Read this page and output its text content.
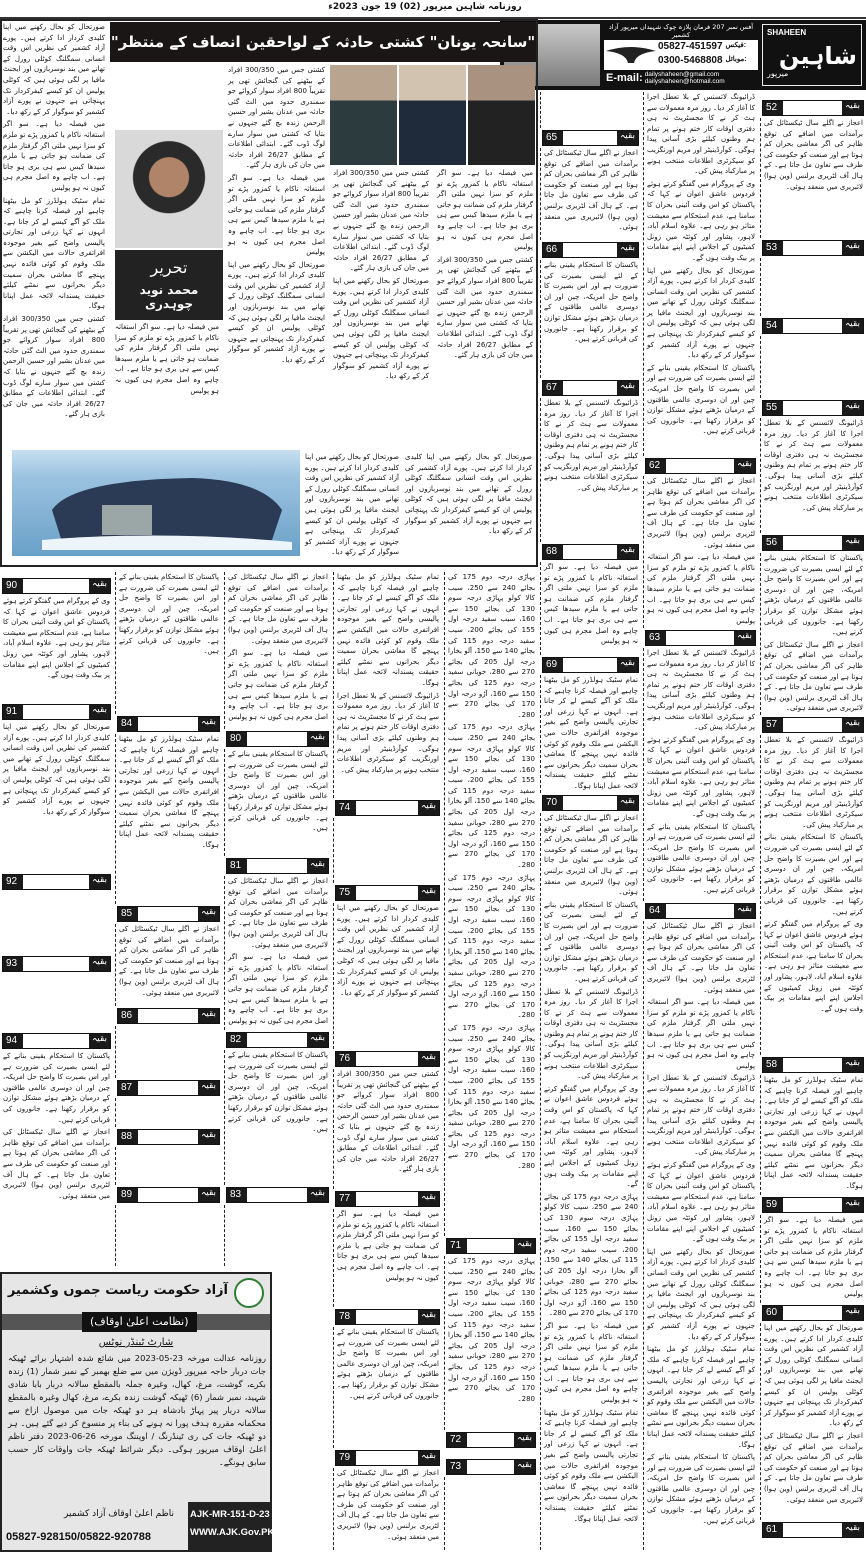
روزنامہ شاہین میرپور (02) 19 جون 2023ء
آفس نمبر 207 فرمان پلازہ چوک شہیداں میرپور آزاد کشمیر
05827-451597 فیکس:
0300-5468808 موبائل:
E-mail: dailyshaheen@gmail.com
dailyshaheen@hotmail.com
SHAHEEN
شاہین
میرپور
"سانحہ یونان" کشتی حادثہ کے لواحقین انصاف کے منتظر"
تحریر
محمد نوید چوہدری
آزاد حکومت ریاست جموں وکشمیر
(نظامت اعلیٰ اوقاف)
شارٹ ٹینڈر نوٹس
روزنامہ عدالت مورخہ 23-05-2023 میں شائع شدہ اشتہار برائے ٹھیکہ جات دربار حاجہ میرپور ڈویژن میں سے ضلع بھمبر کے نمبر شمار (1) زندہ بکرے، گوشت، مرغ، کھال، وغیرہ جملہ بالمقطع سالانہ دربار بابا شادی شہید، نمبر شمار (6) ٹھیکہ گوشت زندہ بکرے، مرغ، کھال وغیرہ بالمقطع سالانہ دربار پیر پہاڑ بادشاہ ہر دو ٹھیکہ جات میں موصول ازاخ سے محکمانہ مقررہ ہدف پورا نہ ہونے کی بناء پر منسوخ کر دیے گئے ہیں۔ ہر دو ٹھیکہ جات کی ری ٹینڈرنگ / اوپننگ مورخہ 26-06-2023 دفتر ناظم اعلیٰ اوقاف میرپور ہوگی۔ دیگر شرائط ٹھیکہ جات واوقات کار حسب سابق ہونگے۔
ناظم اعلیٰ اوقاف آزاد کشمیر
05827-928150/05822-920788
AJK-MR-151-D-23
WWW.AJK.Gov.PK

صورتحال کو بحال رکھنے میں اپنا کلیدی کردار ادا کرتے ہیں۔ پورے آزاد کشمیر کی نظریں اس وقت انسانی سمگلنگ کوٹلی رورل کے تھانے میں بند نوسربازوں اور ایجنٹ مافیا پر لگی ہوئی ہیں کہ کوٹلی پولیس ان کو کیسے کیفرکردار تک پہنچاتی ہے جنہوں نے پورے آزاد کشمیر کو سوگوار کر کے رکھ دیا۔

میں فیصلہ دیا ہے۔ سو اگر استغاثہ ناکام یا کمزور پڑے تو ملزم کو سزا نہیں ملتی اگر گرفتار ملزم کی ضمانت ہو جاتی ہے یا ملزم سیدھا کیس سے ہی بری ہو جاتا ہے۔ اب چاہے وہ اصل مجرم ہی کیوں نہ ہو پولیس

تمام سٹیک ہولڈرز کو مل بیٹھنا چاہیے اور فیصلہ کرنا چاہیے کہ ملک کو آگے کیسے لے کر جانا ہے۔ انہوں نے کہا زرعی اور تجارتی پالیسی واضح کیے بغیر موجودہ افراتفری حالات میں الیکشن سے ملک وقوم کو کوئی فائدہ نہیں پہنچے گا معاشی بحران سمیت دیگر بحرانوں سے نمٹنے کیلئے حقیقت پسندانہ لائحہ عمل اپنانا ہوگا۔

کشتی جس میں 300/350 افراد کے بیٹھنے کی گنجائش تھی پر تقریباً 800 افراد سوار کروائے جو سمندری حدود میں الٹ گئی حادثہ میں عدنان بشیر اور حسین الرحمن زندہ بچ گئے جنہوں نے بتایا کہ کشتی میں سوار سارے لوگ ڈوب گئے۔ ابتدائی اطلاعات کے مطابق 26/27 افراد حادثہ میں جان کی بازی ہار گئے۔

میں فیصلہ دیا ہے۔ سو اگر استغاثہ ناکام یا کمزور پڑے تو ملزم کو سزا نہیں ملتی اگر گرفتار ملزم کی ضمانت ہو جاتی ہے یا ملزم سیدھا کیس سے ہی بری ہو جاتا ہے۔ اب چاہے وہ اصل مجرم ہی کیوں نہ ہو پولیس

کشتی جس میں 300/350 افراد کے بیٹھنے کی گنجائش تھی پر تقریباً 800 افراد سوار کروائے جو سمندری حدود میں الٹ گئی حادثہ میں عدنان بشیر اور حسین الرحمن زندہ بچ گئے جنہوں نے بتایا کہ کشتی میں سوار سارے لوگ ڈوب گئے۔ ابتدائی اطلاعات کے مطابق 26/27 افراد حادثہ میں جان کی بازی ہار گئے۔

میں فیصلہ دیا ہے۔ سو اگر استغاثہ ناکام یا کمزور پڑے تو ملزم کو سزا نہیں ملتی اگر گرفتار ملزم کی ضمانت ہو جاتی ہے یا ملزم سیدھا کیس سے ہی بری ہو جاتا ہے۔ اب چاہے وہ اصل مجرم ہی کیوں نہ ہو پولیس

صورتحال کو بحال رکھنے میں اپنا کلیدی کردار ادا کرتے ہیں۔ پورے آزاد کشمیر کی نظریں اس وقت انسانی سمگلنگ کوٹلی رورل کے تھانے میں بند نوسربازوں اور ایجنٹ مافیا پر لگی ہوئی ہیں کہ کوٹلی پولیس ان کو کیسے کیفرکردار تک پہنچاتی ہے جنہوں نے پورے آزاد کشمیر کو سوگوار کر کے رکھ دیا۔

کشتی جس میں 300/350 افراد کے بیٹھنے کی گنجائش تھی پر تقریباً 800 افراد سوار کروائے جو سمندری حدود میں الٹ گئی حادثہ میں عدنان بشیر اور حسین الرحمن زندہ بچ گئے جنہوں نے بتایا کہ کشتی میں سوار سارے لوگ ڈوب گئے۔ ابتدائی اطلاعات کے مطابق 26/27 افراد حادثہ میں جان کی بازی ہار گئے۔

صورتحال کو بحال رکھنے میں اپنا کلیدی کردار ادا کرتے ہیں۔ پورے آزاد کشمیر کی نظریں اس وقت انسانی سمگلنگ کوٹلی رورل کے تھانے میں بند نوسربازوں اور ایجنٹ مافیا پر لگی ہوئی ہیں کہ کوٹلی پولیس ان کو کیسے کیفرکردار تک پہنچاتی ہے جنہوں نے پورے آزاد کشمیر کو سوگوار کر کے رکھ دیا۔

میں فیصلہ دیا ہے۔ سو اگر استغاثہ ناکام یا کمزور پڑے تو ملزم کو سزا نہیں ملتی اگر گرفتار ملزم کی ضمانت ہو جاتی ہے یا ملزم سیدھا کیس سے ہی بری ہو جاتا ہے۔ اب چاہے وہ اصل مجرم ہی کیوں نہ ہو پولیس

کشتی جس میں 300/350 افراد کے بیٹھنے کی گنجائش تھی پر تقریباً 800 افراد سوار کروائے جو سمندری حدود میں الٹ گئی حادثہ میں عدنان بشیر اور حسین الرحمن زندہ بچ گئے جنہوں نے بتایا کہ کشتی میں سوار سارے لوگ ڈوب گئے۔ ابتدائی اطلاعات کے مطابق 26/27 افراد حادثہ میں جان کی بازی ہار گئے۔

صورتحال کو بحال رکھنے میں اپنا کلیدی کردار ادا کرتے ہیں۔ پورے آزاد کشمیر کی نظریں اس وقت انسانی سمگلنگ کوٹلی رورل کے تھانے میں بند نوسربازوں اور ایجنٹ مافیا پر لگی ہوئی ہیں کہ کوٹلی پولیس ان کو کیسے کیفرکردار تک پہنچاتی ہے جنہوں نے پورے آزاد کشمیر کو سوگوار کر کے رکھ دیا۔

صورتحال کو بحال رکھنے میں اپنا کلیدی کردار ادا کرتے ہیں۔ پورے آزاد کشمیر کی نظریں اس وقت انسانی سمگلنگ کوٹلی رورل کے تھانے میں بند نوسربازوں اور ایجنٹ مافیا پر لگی ہوئی ہیں کہ کوٹلی پولیس ان کو کیسے کیفرکردار تک پہنچاتی ہے جنہوں نے پورے آزاد کشمیر کو سوگوار کر کے رکھ دیا۔

وی کے پروگرام میں گفتگو کرتے ہوئے فردوس عاشق اعوان نے کہا کہ پاکستان کو اس وقت آئینی بحران کا سامنا ہے، عدم استحکام سے معیشت متاثر ہو رہی ہے۔ علاوہ اسلام آباد، لاہور، پشاور اور کوئٹہ میں زونل کمیٹیوں کے اجلاس اپنے اپنے مقامات پر بیک وقت ہوں گے۔

صورتحال کو بحال رکھنے میں اپنا کلیدی کردار ادا کرتے ہیں۔ پورے آزاد کشمیر کی نظریں اس وقت انسانی سمگلنگ کوٹلی رورل کے تھانے میں بند نوسربازوں اور ایجنٹ مافیا پر لگی ہوئی ہیں کہ کوٹلی پولیس ان کو کیسے کیفرکردار تک پہنچاتی ہے جنہوں نے پورے آزاد کشمیر کو سوگوار کر کے رکھ دیا۔

پاکستان کا استحکام یقینی بنانے کے لئے ایسی بصیرت کی ضرورت ہے اور اس بصیرت کا واضح حل امریکہ، چین اور ان دوسری عالمی طاقتوں کے درمیان بڑھتے ہوئے مشکل توازن کو برقرار رکھنا ہے۔ جانوروں کی قربانی کرتے ہیں۔

اعجاز نے اگلے سال ٹیکسٹائل کی برآمدات میں اضافے کی توقع ظاہر کی اگر معاشی بحران کم ہوتا ہے اور صنعت کو حکومت کی طرف سے تعاون مل جاتا ہے۔ کے ہال آف لٹریری برلنس (وین ہوا) لائبریری میں منعقد ہوئی۔

90	بقیہ
91	بقیہ
92	بقیہ
93	بقیہ
94	بقیہ

پاکستان کا استحکام یقینی بنانے کے لئے ایسی بصیرت کی ضرورت ہے اور اس بصیرت کا واضح حل امریکہ، چین اور ان دوسری عالمی طاقتوں کے درمیان بڑھتے ہوئے مشکل توازن کو برقرار رکھنا ہے۔ جانوروں کی قربانی کرتے ہیں۔

تمام سٹیک ہولڈرز کو مل بیٹھنا چاہیے اور فیصلہ کرنا چاہیے کہ ملک کو آگے کیسے لے کر جانا ہے۔ انہوں نے کہا زرعی اور تجارتی پالیسی واضح کیے بغیر موجودہ افراتفری حالات میں الیکشن سے ملک وقوم کو کوئی فائدہ نہیں پہنچے گا معاشی بحران سمیت دیگر بحرانوں سے نمٹنے کیلئے حقیقت پسندانہ لائحہ عمل اپنانا ہوگا۔

اعجاز نے اگلے سال ٹیکسٹائل کی برآمدات میں اضافے کی توقع ظاہر کی اگر معاشی بحران کم ہوتا ہے اور صنعت کو حکومت کی طرف سے تعاون مل جاتا ہے۔ کے ہال آف لٹریری برلنس (وین ہوا) لائبریری میں منعقد ہوئی۔

84	بقیہ
85	بقیہ
86	بقیہ
87	بقیہ
88	بقیہ
89	بقیہ

اعجاز نے اگلے سال ٹیکسٹائل کی برآمدات میں اضافے کی توقع ظاہر کی اگر معاشی بحران کم ہوتا ہے اور صنعت کو حکومت کی طرف سے تعاون مل جاتا ہے۔ کے ہال آف لٹریری برلنس (وین ہوا) لائبریری میں منعقد ہوئی۔

میں فیصلہ دیا ہے۔ سو اگر استغاثہ ناکام یا کمزور پڑے تو ملزم کو سزا نہیں ملتی اگر گرفتار ملزم کی ضمانت ہو جاتی ہے یا ملزم سیدھا کیس سے ہی بری ہو جاتا ہے۔ اب چاہے وہ اصل مجرم ہی کیوں نہ ہو پولیس

پاکستان کا استحکام یقینی بنانے کے لئے ایسی بصیرت کی ضرورت ہے اور اس بصیرت کا واضح حل امریکہ، چین اور ان دوسری عالمی طاقتوں کے درمیان بڑھتے ہوئے مشکل توازن کو برقرار رکھنا ہے۔ جانوروں کی قربانی کرتے ہیں۔

اعجاز نے اگلے سال ٹیکسٹائل کی برآمدات میں اضافے کی توقع ظاہر کی اگر معاشی بحران کم ہوتا ہے اور صنعت کو حکومت کی طرف سے تعاون مل جاتا ہے۔ کے ہال آف لٹریری برلنس (وین ہوا) لائبریری میں منعقد ہوئی۔

میں فیصلہ دیا ہے۔ سو اگر استغاثہ ناکام یا کمزور پڑے تو ملزم کو سزا نہیں ملتی اگر گرفتار ملزم کی ضمانت ہو جاتی ہے یا ملزم سیدھا کیس سے ہی بری ہو جاتا ہے۔ اب چاہے وہ اصل مجرم ہی کیوں نہ ہو پولیس

پاکستان کا استحکام یقینی بنانے کے لئے ایسی بصیرت کی ضرورت ہے اور اس بصیرت کا واضح حل امریکہ، چین اور ان دوسری عالمی طاقتوں کے درمیان بڑھتے ہوئے مشکل توازن کو برقرار رکھنا ہے۔ جانوروں کی قربانی کرتے ہیں۔

80	بقیہ
81	بقیہ
82	بقیہ
83	بقیہ

تمام سٹیک ہولڈرز کو مل بیٹھنا چاہیے اور فیصلہ کرنا چاہیے کہ ملک کو آگے کیسے لے کر جانا ہے۔ انہوں نے کہا زرعی اور تجارتی پالیسی واضح کیے بغیر موجودہ افراتفری حالات میں الیکشن سے ملک وقوم کو کوئی فائدہ نہیں پہنچے گا معاشی بحران سمیت دیگر بحرانوں سے نمٹنے کیلئے حقیقت پسندانہ لائحہ عمل اپنانا ہوگا۔

ڈرائیونگ لائسنس کے بلا تعطل اجرا کا آغاز کر دیا۔ روز مرہ معمولات سے ہٹ کر نے کا مجسٹریٹ نہ ہی دفتری اوقات کار ختم ہونے پر تمام ہم وطنوں کیلئے بڑی آسانی پیدا ہوگی۔ کوآرڈینیٹر اور مریم اورنگزیب کو سیکرٹری اطلاعات منتخب ہونے پر مبارکباد پیش کی۔

صورتحال کو بحال رکھنے میں اپنا کلیدی کردار ادا کرتے ہیں۔ پورے آزاد کشمیر کی نظریں اس وقت انسانی سمگلنگ کوٹلی رورل کے تھانے میں بند نوسربازوں اور ایجنٹ مافیا پر لگی ہوئی ہیں کہ کوٹلی پولیس ان کو کیسے کیفرکردار تک پہنچاتی ہے جنہوں نے پورے آزاد کشمیر کو سوگوار کر کے رکھ دیا۔

کشتی جس میں 300/350 افراد کے بیٹھنے کی گنجائش تھی پر تقریباً 800 افراد سوار کروائے جو سمندری حدود میں الٹ گئی حادثہ میں عدنان بشیر اور حسین الرحمن زندہ بچ گئے جنہوں نے بتایا کہ کشتی میں سوار سارے لوگ ڈوب گئے۔ ابتدائی اطلاعات کے مطابق 26/27 افراد حادثہ میں جان کی بازی ہار گئے۔

میں فیصلہ دیا ہے۔ سو اگر استغاثہ ناکام یا کمزور پڑے تو ملزم کو سزا نہیں ملتی اگر گرفتار ملزم کی ضمانت ہو جاتی ہے یا ملزم سیدھا کیس سے ہی بری ہو جاتا ہے۔ اب چاہے وہ اصل مجرم ہی کیوں نہ ہو پولیس

پاکستان کا استحکام یقینی بنانے کے لئے ایسی بصیرت کی ضرورت ہے اور اس بصیرت کا واضح حل امریکہ، چین اور ان دوسری عالمی طاقتوں کے درمیان بڑھتے ہوئے مشکل توازن کو برقرار رکھنا ہے۔ جانوروں کی قربانی کرتے ہیں۔

اعجاز نے اگلے سال ٹیکسٹائل کی برآمدات میں اضافے کی توقع ظاہر کی اگر معاشی بحران کم ہوتا ہے اور صنعت کو حکومت کی طرف سے تعاون مل جاتا ہے۔ کے ہال آف لٹریری برلنس (وین ہوا) لائبریری میں منعقد ہوئی۔

74	بقیہ
75	بقیہ
76	بقیہ
77	بقیہ
78	بقیہ
79	بقیہ

پہاڑی درجہ دوم 175 کی بجائے 240 سے 250، سیب کالا کولو پہاڑی درجہ سوم 130 کی بجائے 150 سے 160، سیب سفید درجہ اول 155 کی بجائے 200، سیب سفید درجہ دوم 115 کی بجائے 140 سے 150، آلو بخارا درجہ اول 205 کی بجائے 270 سے 280، خوبانی سفید درجہ دوم 125 کی بجائے 150 سے 160، آڑو درجہ اول 170 کی بجائے 270 سے 280۔

پہاڑی درجہ دوم 175 کی بجائے 240 سے 250، سیب کالا کولو پہاڑی درجہ سوم 130 کی بجائے 150 سے 160، سیب سفید درجہ اول 155 کی بجائے 200، سیب سفید درجہ دوم 115 کی بجائے 140 سے 150، آلو بخارا درجہ اول 205 کی بجائے 270 سے 280، خوبانی سفید درجہ دوم 125 کی بجائے 150 سے 160، آڑو درجہ اول 170 کی بجائے 270 سے 280۔

پہاڑی درجہ دوم 175 کی بجائے 240 سے 250، سیب کالا کولو پہاڑی درجہ سوم 130 کی بجائے 150 سے 160، سیب سفید درجہ اول 155 کی بجائے 200، سیب سفید درجہ دوم 115 کی بجائے 140 سے 150، آلو بخارا درجہ اول 205 کی بجائے 270 سے 280، خوبانی سفید درجہ دوم 125 کی بجائے 150 سے 160، آڑو درجہ اول 170 کی بجائے 270 سے 280۔

پہاڑی درجہ دوم 175 کی بجائے 240 سے 250، سیب کالا کولو پہاڑی درجہ سوم 130 کی بجائے 150 سے 160، سیب سفید درجہ اول 155 کی بجائے 200، سیب سفید درجہ دوم 115 کی بجائے 140 سے 150، آلو بخارا درجہ اول 205 کی بجائے 270 سے 280، خوبانی سفید درجہ دوم 125 کی بجائے 150 سے 160، آڑو درجہ اول 170 کی بجائے 270 سے 280۔

پہاڑی درجہ دوم 175 کی بجائے 240 سے 250، سیب کالا کولو پہاڑی درجہ سوم 130 کی بجائے 150 سے 160، سیب سفید درجہ اول 155 کی بجائے 200، سیب سفید درجہ دوم 115 کی بجائے 140 سے 150، آلو بخارا درجہ اول 205 کی بجائے 270 سے 280، خوبانی سفید درجہ دوم 125 کی بجائے 150 سے 160، آڑو درجہ اول 170 کی بجائے 270 سے 280۔

71	بقیہ
72	بقیہ
73	بقیہ

اعجاز نے اگلے سال ٹیکسٹائل کی برآمدات میں اضافے کی توقع ظاہر کی اگر معاشی بحران کم ہوتا ہے اور صنعت کو حکومت کی طرف سے تعاون مل جاتا ہے۔ کے ہال آف لٹریری برلنس (وین ہوا) لائبریری میں منعقد ہوئی۔

پاکستان کا استحکام یقینی بنانے کے لئے ایسی بصیرت کی ضرورت ہے اور اس بصیرت کا واضح حل امریکہ، چین اور ان دوسری عالمی طاقتوں کے درمیان بڑھتے ہوئے مشکل توازن کو برقرار رکھنا ہے۔ جانوروں کی قربانی کرتے ہیں۔

ڈرائیونگ لائسنس کے بلا تعطل اجرا کا آغاز کر دیا۔ روز مرہ معمولات سے ہٹ کر نے کا مجسٹریٹ نہ ہی دفتری اوقات کار ختم ہونے پر تمام ہم وطنوں کیلئے بڑی آسانی پیدا ہوگی۔ کوآرڈینیٹر اور مریم اورنگزیب کو سیکرٹری اطلاعات منتخب ہونے پر مبارکباد پیش کی۔

میں فیصلہ دیا ہے۔ سو اگر استغاثہ ناکام یا کمزور پڑے تو ملزم کو سزا نہیں ملتی اگر گرفتار ملزم کی ضمانت ہو جاتی ہے یا ملزم سیدھا کیس سے ہی بری ہو جاتا ہے۔ اب چاہے وہ اصل مجرم ہی کیوں نہ ہو پولیس

تمام سٹیک ہولڈرز کو مل بیٹھنا چاہیے اور فیصلہ کرنا چاہیے کہ ملک کو آگے کیسے لے کر جانا ہے۔ انہوں نے کہا زرعی اور تجارتی پالیسی واضح کیے بغیر موجودہ افراتفری حالات میں الیکشن سے ملک وقوم کو کوئی فائدہ نہیں پہنچے گا معاشی بحران سمیت دیگر بحرانوں سے نمٹنے کیلئے حقیقت پسندانہ لائحہ عمل اپنانا ہوگا۔

اعجاز نے اگلے سال ٹیکسٹائل کی برآمدات میں اضافے کی توقع ظاہر کی اگر معاشی بحران کم ہوتا ہے اور صنعت کو حکومت کی طرف سے تعاون مل جاتا ہے۔ کے ہال آف لٹریری برلنس (وین ہوا) لائبریری میں منعقد ہوئی۔

پاکستان کا استحکام یقینی بنانے کے لئے ایسی بصیرت کی ضرورت ہے اور اس بصیرت کا واضح حل امریکہ، چین اور ان دوسری عالمی طاقتوں کے درمیان بڑھتے ہوئے مشکل توازن کو برقرار رکھنا ہے۔ جانوروں کی قربانی کرتے ہیں۔

ڈرائیونگ لائسنس کے بلا تعطل اجرا کا آغاز کر دیا۔ روز مرہ معمولات سے ہٹ کر نے کا مجسٹریٹ نہ ہی دفتری اوقات کار ختم ہونے پر تمام ہم وطنوں کیلئے بڑی آسانی پیدا ہوگی۔ کوآرڈینیٹر اور مریم اورنگزیب کو سیکرٹری اطلاعات منتخب ہونے پر مبارکباد پیش کی۔

وی کے پروگرام میں گفتگو کرتے ہوئے فردوس عاشق اعوان نے کہا کہ پاکستان کو اس وقت آئینی بحران کا سامنا ہے، عدم استحکام سے معیشت متاثر ہو رہی ہے۔ علاوہ اسلام آباد، لاہور، پشاور اور کوئٹہ میں زونل کمیٹیوں کے اجلاس اپنے اپنے مقامات پر بیک وقت ہوں گے۔

پہاڑی درجہ دوم 175 کی بجائے 240 سے 250، سیب کالا کولو پہاڑی درجہ سوم 130 کی بجائے 150 سے 160، سیب سفید درجہ اول 155 کی بجائے 200، سیب سفید درجہ دوم 115 کی بجائے 140 سے 150، آلو بخارا درجہ اول 205 کی بجائے 270 سے 280، خوبانی سفید درجہ دوم 125 کی بجائے 150 سے 160، آڑو درجہ اول 170 کی بجائے 270 سے 280۔

میں فیصلہ دیا ہے۔ سو اگر استغاثہ ناکام یا کمزور پڑے تو ملزم کو سزا نہیں ملتی اگر گرفتار ملزم کی ضمانت ہو جاتی ہے یا ملزم سیدھا کیس سے ہی بری ہو جاتا ہے۔ اب چاہے وہ اصل مجرم ہی کیوں نہ ہو پولیس

تمام سٹیک ہولڈرز کو مل بیٹھنا چاہیے اور فیصلہ کرنا چاہیے کہ ملک کو آگے کیسے لے کر جانا ہے۔ انہوں نے کہا زرعی اور تجارتی پالیسی واضح کیے بغیر موجودہ افراتفری حالات میں الیکشن سے ملک وقوم کو کوئی فائدہ نہیں پہنچے گا معاشی بحران سمیت دیگر بحرانوں سے نمٹنے کیلئے حقیقت پسندانہ لائحہ عمل اپنانا ہوگا۔

65	بقیہ
66	بقیہ
67	بقیہ
68	بقیہ
69	بقیہ
70	بقیہ

ڈرائیونگ لائسنس کے بلا تعطل اجرا کا آغاز کر دیا۔ روز مرہ معمولات سے ہٹ کر نے کا مجسٹریٹ نہ ہی دفتری اوقات کار ختم ہونے پر تمام ہم وطنوں کیلئے بڑی آسانی پیدا ہوگی۔ کوآرڈینیٹر اور مریم اورنگزیب کو سیکرٹری اطلاعات منتخب ہونے پر مبارکباد پیش کی۔

وی کے پروگرام میں گفتگو کرتے ہوئے فردوس عاشق اعوان نے کہا کہ پاکستان کو اس وقت آئینی بحران کا سامنا ہے، عدم استحکام سے معیشت متاثر ہو رہی ہے۔ علاوہ اسلام آباد، لاہور، پشاور اور کوئٹہ میں زونل کمیٹیوں کے اجلاس اپنے اپنے مقامات پر بیک وقت ہوں گے۔

صورتحال کو بحال رکھنے میں اپنا کلیدی کردار ادا کرتے ہیں۔ پورے آزاد کشمیر کی نظریں اس وقت انسانی سمگلنگ کوٹلی رورل کے تھانے میں بند نوسربازوں اور ایجنٹ مافیا پر لگی ہوئی ہیں کہ کوٹلی پولیس ان کو کیسے کیفرکردار تک پہنچاتی ہے جنہوں نے پورے آزاد کشمیر کو سوگوار کر کے رکھ دیا۔

پاکستان کا استحکام یقینی بنانے کے لئے ایسی بصیرت کی ضرورت ہے اور اس بصیرت کا واضح حل امریکہ، چین اور ان دوسری عالمی طاقتوں کے درمیان بڑھتے ہوئے مشکل توازن کو برقرار رکھنا ہے۔ جانوروں کی قربانی کرتے ہیں۔

اعجاز نے اگلے سال ٹیکسٹائل کی برآمدات میں اضافے کی توقع ظاہر کی اگر معاشی بحران کم ہوتا ہے اور صنعت کو حکومت کی طرف سے تعاون مل جاتا ہے۔ کے ہال آف لٹریری برلنس (وین ہوا) لائبریری میں منعقد ہوئی۔

میں فیصلہ دیا ہے۔ سو اگر استغاثہ ناکام یا کمزور پڑے تو ملزم کو سزا نہیں ملتی اگر گرفتار ملزم کی ضمانت ہو جاتی ہے یا ملزم سیدھا کیس سے ہی بری ہو جاتا ہے۔ اب چاہے وہ اصل مجرم ہی کیوں نہ ہو پولیس

ڈرائیونگ لائسنس کے بلا تعطل اجرا کا آغاز کر دیا۔ روز مرہ معمولات سے ہٹ کر نے کا مجسٹریٹ نہ ہی دفتری اوقات کار ختم ہونے پر تمام ہم وطنوں کیلئے بڑی آسانی پیدا ہوگی۔ کوآرڈینیٹر اور مریم اورنگزیب کو سیکرٹری اطلاعات منتخب ہونے پر مبارکباد پیش کی۔

وی کے پروگرام میں گفتگو کرتے ہوئے فردوس عاشق اعوان نے کہا کہ پاکستان کو اس وقت آئینی بحران کا سامنا ہے، عدم استحکام سے معیشت متاثر ہو رہی ہے۔ علاوہ اسلام آباد، لاہور، پشاور اور کوئٹہ میں زونل کمیٹیوں کے اجلاس اپنے اپنے مقامات پر بیک وقت ہوں گے۔

پاکستان کا استحکام یقینی بنانے کے لئے ایسی بصیرت کی ضرورت ہے اور اس بصیرت کا واضح حل امریکہ، چین اور ان دوسری عالمی طاقتوں کے درمیان بڑھتے ہوئے مشکل توازن کو برقرار رکھنا ہے۔ جانوروں کی قربانی کرتے ہیں۔

اعجاز نے اگلے سال ٹیکسٹائل کی برآمدات میں اضافے کی توقع ظاہر کی اگر معاشی بحران کم ہوتا ہے اور صنعت کو حکومت کی طرف سے تعاون مل جاتا ہے۔ کے ہال آف لٹریری برلنس (وین ہوا) لائبریری میں منعقد ہوئی۔

میں فیصلہ دیا ہے۔ سو اگر استغاثہ ناکام یا کمزور پڑے تو ملزم کو سزا نہیں ملتی اگر گرفتار ملزم کی ضمانت ہو جاتی ہے یا ملزم سیدھا کیس سے ہی بری ہو جاتا ہے۔ اب چاہے وہ اصل مجرم ہی کیوں نہ ہو پولیس

ڈرائیونگ لائسنس کے بلا تعطل اجرا کا آغاز کر دیا۔ روز مرہ معمولات سے ہٹ کر نے کا مجسٹریٹ نہ ہی دفتری اوقات کار ختم ہونے پر تمام ہم وطنوں کیلئے بڑی آسانی پیدا ہوگی۔ کوآرڈینیٹر اور مریم اورنگزیب کو سیکرٹری اطلاعات منتخب ہونے پر مبارکباد پیش کی۔

وی کے پروگرام میں گفتگو کرتے ہوئے فردوس عاشق اعوان نے کہا کہ پاکستان کو اس وقت آئینی بحران کا سامنا ہے، عدم استحکام سے معیشت متاثر ہو رہی ہے۔ علاوہ اسلام آباد، لاہور، پشاور اور کوئٹہ میں زونل کمیٹیوں کے اجلاس اپنے اپنے مقامات پر بیک وقت ہوں گے۔

صورتحال کو بحال رکھنے میں اپنا کلیدی کردار ادا کرتے ہیں۔ پورے آزاد کشمیر کی نظریں اس وقت انسانی سمگلنگ کوٹلی رورل کے تھانے میں بند نوسربازوں اور ایجنٹ مافیا پر لگی ہوئی ہیں کہ کوٹلی پولیس ان کو کیسے کیفرکردار تک پہنچاتی ہے جنہوں نے پورے آزاد کشمیر کو سوگوار کر کے رکھ دیا۔

تمام سٹیک ہولڈرز کو مل بیٹھنا چاہیے اور فیصلہ کرنا چاہیے کہ ملک کو آگے کیسے لے کر جانا ہے۔ انہوں نے کہا زرعی اور تجارتی پالیسی واضح کیے بغیر موجودہ افراتفری حالات میں الیکشن سے ملک وقوم کو کوئی فائدہ نہیں پہنچے گا معاشی بحران سمیت دیگر بحرانوں سے نمٹنے کیلئے حقیقت پسندانہ لائحہ عمل اپنانا ہوگا۔

پاکستان کا استحکام یقینی بنانے کے لئے ایسی بصیرت کی ضرورت ہے اور اس بصیرت کا واضح حل امریکہ، چین اور ان دوسری عالمی طاقتوں کے درمیان بڑھتے ہوئے مشکل توازن کو برقرار رکھنا ہے۔ جانوروں کی قربانی کرتے ہیں۔

62	بقیہ
63	بقیہ
64	بقیہ

اعجاز نے اگلے سال ٹیکسٹائل کی برآمدات میں اضافے کی توقع ظاہر کی اگر معاشی بحران کم ہوتا ہے اور صنعت کو حکومت کی طرف سے تعاون مل جاتا ہے۔ کے ہال آف لٹریری برلنس (وین ہوا) لائبریری میں منعقد ہوئی۔

ڈرائیونگ لائسنس کے بلا تعطل اجرا کا آغاز کر دیا۔ روز مرہ معمولات سے ہٹ کر نے کا مجسٹریٹ نہ ہی دفتری اوقات کار ختم ہونے پر تمام ہم وطنوں کیلئے بڑی آسانی پیدا ہوگی۔ کوآرڈینیٹر اور مریم اورنگزیب کو سیکرٹری اطلاعات منتخب ہونے پر مبارکباد پیش کی۔

پاکستان کا استحکام یقینی بنانے کے لئے ایسی بصیرت کی ضرورت ہے اور اس بصیرت کا واضح حل امریکہ، چین اور ان دوسری عالمی طاقتوں کے درمیان بڑھتے ہوئے مشکل توازن کو برقرار رکھنا ہے۔ جانوروں کی قربانی کرتے ہیں۔

اعجاز نے اگلے سال ٹیکسٹائل کی برآمدات میں اضافے کی توقع ظاہر کی اگر معاشی بحران کم ہوتا ہے اور صنعت کو حکومت کی طرف سے تعاون مل جاتا ہے۔ کے ہال آف لٹریری برلنس (وین ہوا) لائبریری میں منعقد ہوئی۔

ڈرائیونگ لائسنس کے بلا تعطل اجرا کا آغاز کر دیا۔ روز مرہ معمولات سے ہٹ کر نے کا مجسٹریٹ نہ ہی دفتری اوقات کار ختم ہونے پر تمام ہم وطنوں کیلئے بڑی آسانی پیدا ہوگی۔ کوآرڈینیٹر اور مریم اورنگزیب کو سیکرٹری اطلاعات منتخب ہونے پر مبارکباد پیش کی۔

پاکستان کا استحکام یقینی بنانے کے لئے ایسی بصیرت کی ضرورت ہے اور اس بصیرت کا واضح حل امریکہ، چین اور ان دوسری عالمی طاقتوں کے درمیان بڑھتے ہوئے مشکل توازن کو برقرار رکھنا ہے۔ جانوروں کی قربانی کرتے ہیں۔

وی کے پروگرام میں گفتگو کرتے ہوئے فردوس عاشق اعوان نے کہا کہ پاکستان کو اس وقت آئینی بحران کا سامنا ہے، عدم استحکام سے معیشت متاثر ہو رہی ہے۔ علاوہ اسلام آباد، لاہور، پشاور اور کوئٹہ میں زونل کمیٹیوں کے اجلاس اپنے اپنے مقامات پر بیک وقت ہوں گے۔

تمام سٹیک ہولڈرز کو مل بیٹھنا چاہیے اور فیصلہ کرنا چاہیے کہ ملک کو آگے کیسے لے کر جانا ہے۔ انہوں نے کہا زرعی اور تجارتی پالیسی واضح کیے بغیر موجودہ افراتفری حالات میں الیکشن سے ملک وقوم کو کوئی فائدہ نہیں پہنچے گا معاشی بحران سمیت دیگر بحرانوں سے نمٹنے کیلئے حقیقت پسندانہ لائحہ عمل اپنانا ہوگا۔

میں فیصلہ دیا ہے۔ سو اگر استغاثہ ناکام یا کمزور پڑے تو ملزم کو سزا نہیں ملتی اگر گرفتار ملزم کی ضمانت ہو جاتی ہے یا ملزم سیدھا کیس سے ہی بری ہو جاتا ہے۔ اب چاہے وہ اصل مجرم ہی کیوں نہ ہو پولیس

صورتحال کو بحال رکھنے میں اپنا کلیدی کردار ادا کرتے ہیں۔ پورے آزاد کشمیر کی نظریں اس وقت انسانی سمگلنگ کوٹلی رورل کے تھانے میں بند نوسربازوں اور ایجنٹ مافیا پر لگی ہوئی ہیں کہ کوٹلی پولیس ان کو کیسے کیفرکردار تک پہنچاتی ہے جنہوں نے پورے آزاد کشمیر کو سوگوار کر کے رکھ دیا۔

اعجاز نے اگلے سال ٹیکسٹائل کی برآمدات میں اضافے کی توقع ظاہر کی اگر معاشی بحران کم ہوتا ہے اور صنعت کو حکومت کی طرف سے تعاون مل جاتا ہے۔ کے ہال آف لٹریری برلنس (وین ہوا) لائبریری میں منعقد ہوئی۔

52	بقیہ
53	بقیہ
54	بقیہ
55	بقیہ
56	بقیہ
57	بقیہ
58	بقیہ
59	بقیہ
60	بقیہ
61	بقیہ
